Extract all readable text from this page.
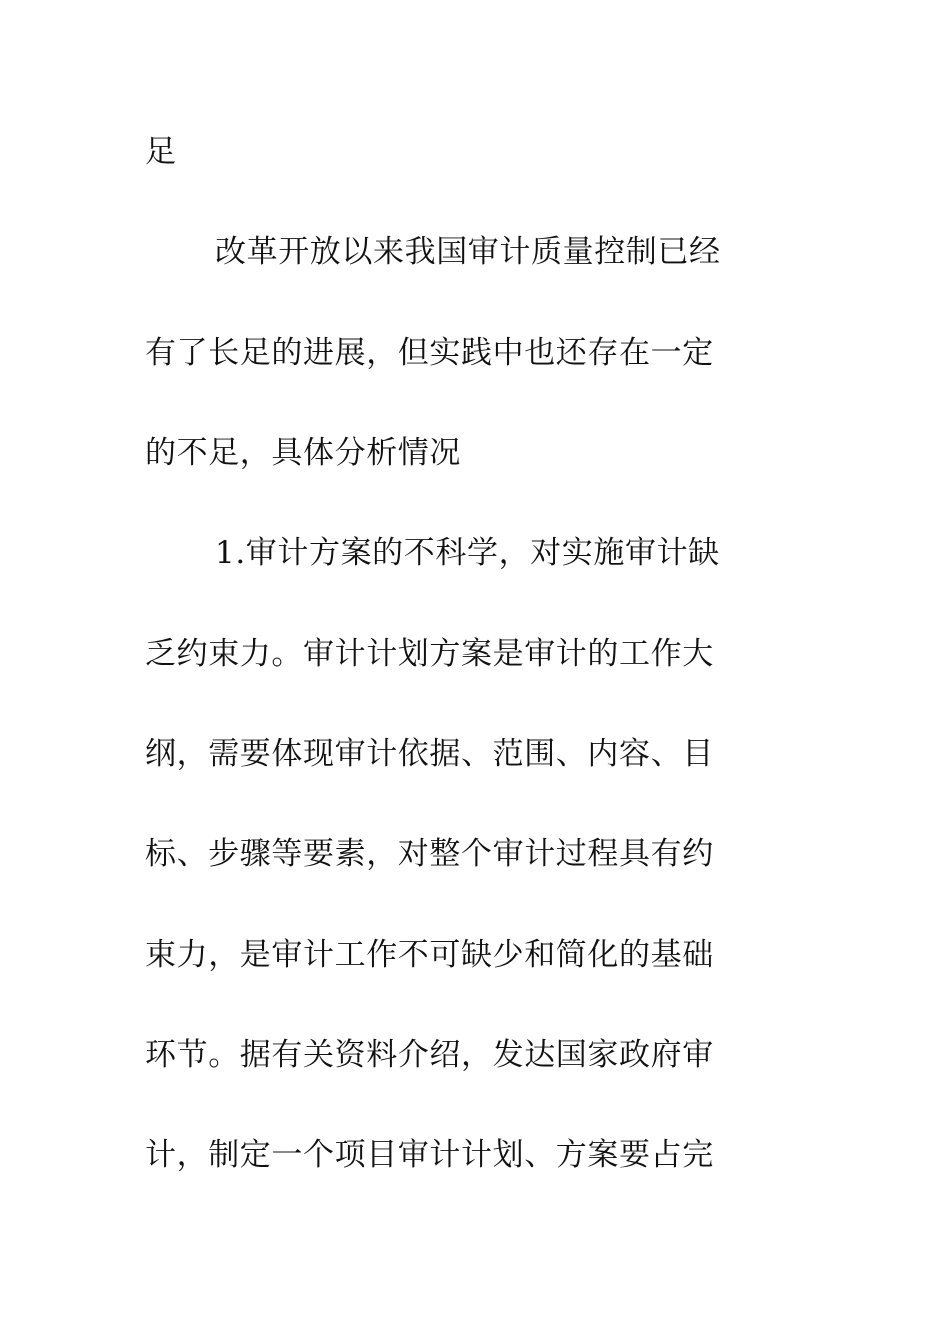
足
改革开放以来我国审计质量控制已经
有了长足的进展，但实践中也还存在一定
的不足，具体分析情况
1.审计方案的不科学，对实施审计缺
乏约束力。审计计划方案是审计的工作大
纲，需要体现审计依据、范围、内容、目
标、步骤等要素，对整个审计过程具有约
束力，是审计工作不可缺少和简化的基础
环节。据有关资料介绍，发达国家政府审
计，制定一个项目审计计划、方案要占完
